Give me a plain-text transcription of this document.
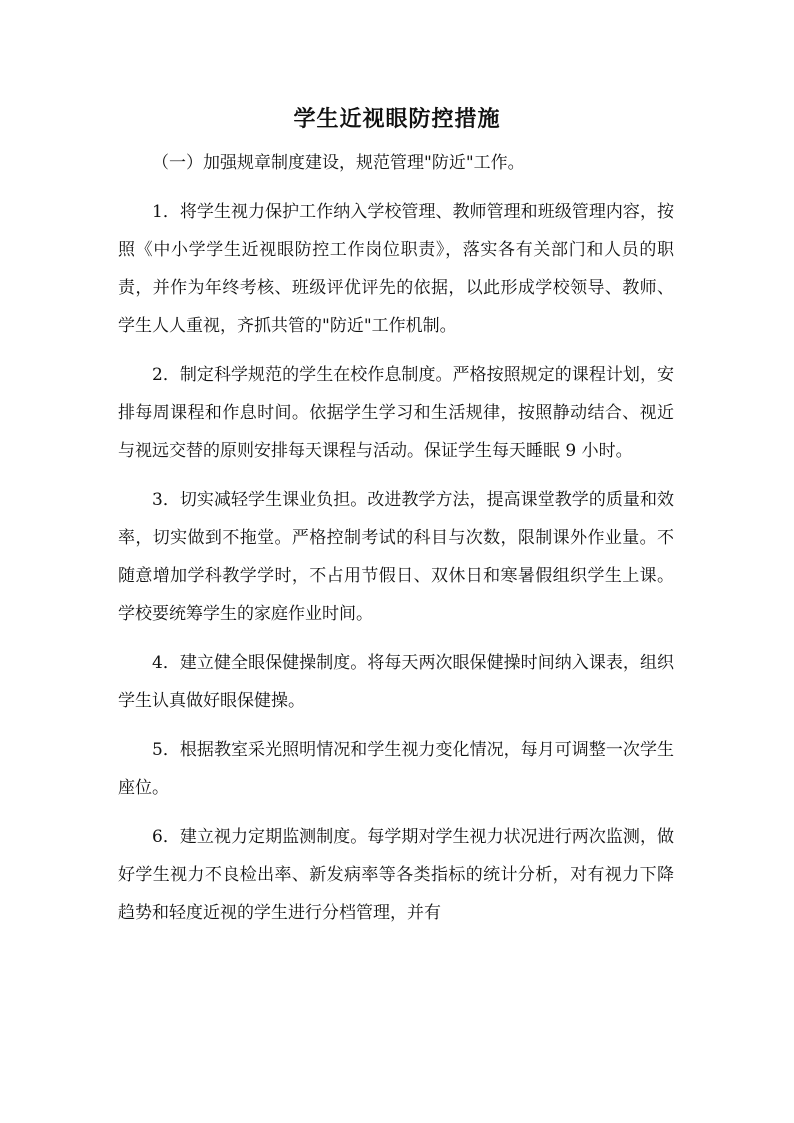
学生近视眼防控措施

（一）加强规章制度建设，规范管理"防近"工作。

1．将学生视力保护工作纳入学校管理、教师管理和班级管理内容，按照《中小学学生近视眼防控工作岗位职责》，落实各有关部门和人员的职责，并作为年终考核、班级评优评先的依据，以此形成学校领导、教师、学生人人重视，齐抓共管的"防近"工作机制。

2．制定科学规范的学生在校作息制度。严格按照规定的课程计划，安排每周课程和作息时间。依据学生学习和生活规律，按照静动结合、视近与视远交替的原则安排每天课程与活动。保证学生每天睡眠 9 小时。

3．切实减轻学生课业负担。改进教学方法，提高课堂教学的质量和效率，切实做到不拖堂。严格控制考试的科目与次数，限制课外作业量。不随意增加学科教学学时，不占用节假日、双休日和寒暑假组织学生上课。学校要统筹学生的家庭作业时间。

4．建立健全眼保健操制度。将每天两次眼保健操时间纳入课表，组织学生认真做好眼保健操。

5．根据教室采光照明情况和学生视力变化情况，每月可调整一次学生座位。

6．建立视力定期监测制度。每学期对学生视力状况进行两次监测，做好学生视力不良检出率、新发病率等各类指标的统计分析，对有视力下降趋势和轻度近视的学生进行分档管理，并有
